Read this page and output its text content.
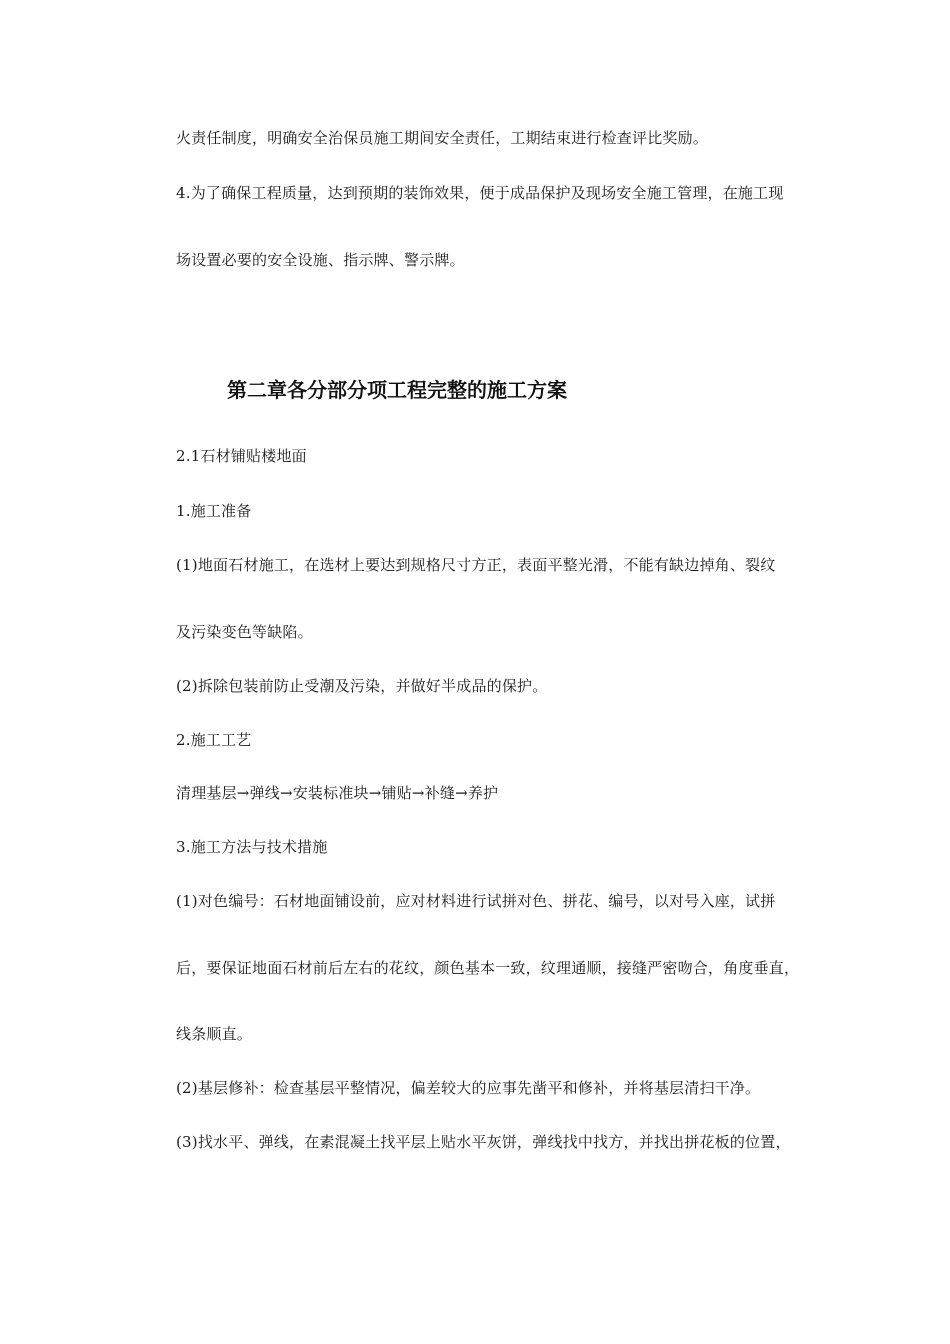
火责任制度，明确安全治保员施工期间安全责任，工期结束进行检查评比奖励。
4.为了确保工程质量，达到预期的装饰效果，便于成品保护及现场安全施工管理，在施工现
场设置必要的安全设施、指示牌、警示牌。
第二章各分部分项工程完整的施工方案
2.1石材铺贴楼地面
1.施工准备
(1)地面石材施工，在选材上要达到规格尺寸方正，表面平整光滑，不能有缺边掉角、裂纹
及污染变色等缺陷。
(2)拆除包装前防止受潮及污染，并做好半成品的保护。
2.施工工艺
清理基层→弹线→安装标准块→铺贴→补缝→养护
3.施工方法与技术措施
(1)对色编号：石材地面铺设前，应对材料进行试拼对色、拼花、编号，以对号入座，试拼
后，要保证地面石材前后左右的花纹，颜色基本一致，纹理通顺，接缝严密吻合，角度垂直，
线条顺直。
(2)基层修补：检查基层平整情况，偏差较大的应事先凿平和修补，并将基层清扫干净。
(3)找水平、弹线，在素混凝土找平层上贴水平灰饼，弹线找中找方，并找出拼花板的位置，
